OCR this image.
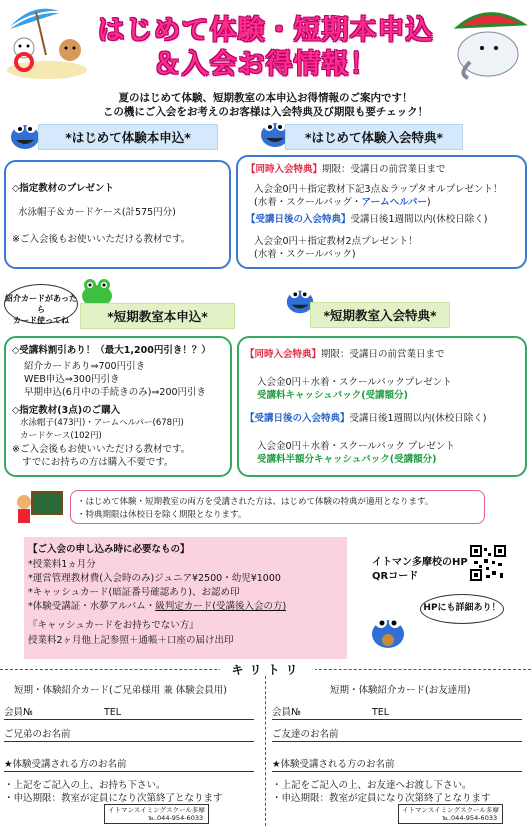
はじめて体験・短期本申込
＆入会お得情報！
夏のはじめて体験、短期教室の本申込お得情報のご案内です！
この機にご入会をお考えのお客様は入会特典及び期限も要チェック！
*はじめて体験本申込*
◇指定教材のプレゼント
水泳帽子＆カードケース(計575円分)
※ご入会後もお使いいただける教材です。
*はじめて体験入会特典*
【同時入会特典】期限：受講日の前営業日まで
入会金0円＋指定教材下記3点＆ラップタオルプレゼント！
(水着・スクールバッグ・アームヘルパー)
【受講日後の入会特典】受講日後1週間以内(休校日除く)
入会金0円＋指定教材2点プレゼント！
(水着・スクールバック)
紹介カードがあったら
カード使ってね	*短期教室本申込*
◇受講料割引あり！（最大1,200円引き！？）
紹介カードあり⇒700円引き
WEB申込⇒300円引き
早期申込(6月中の手続きのみ)⇒200円引き
◇指定教材(3点)のご購入
水泳帽子(473円)・アームヘルパー(678円)
カードケース(102円)
※ご入会後もお使いいただける教材です。
すでにお持ちの方は購入不要です。
*短期教室入会特典*
【同時入会特典】期限：受講日の前営業日まで
入会金0円＋水着・スクールバックプレゼント
受講料キャッシュバック(受講額分)
【受講日後の入会特典】受講日後1週間以内(休校日除く)
入会金0円＋水着・スクールバック プレゼント
受講料半額分キャッシュバック(受講額分)
・はじめて体験・短期教室の両方を受講された方は、はじめて体験の特典が適用となります。
・特典期限は休校日を除く期限となります。
【ご入会の申し込み時に必要なもの】
*授業料1ヵ月分
*運営管理教材費(入会時のみ)ジュニア¥2500・幼児¥1000
*キャッシュカード(暗証番号確認あり)、お認め印
*体験受講証・水夢アルバム・級判定カード(受講後入会の方)
『キャッシュカードをお持ちでない方』
授業料2ヶ月他上記参照＋通帳＋口座の届け出印
イトマン多摩校のHP
QRコード
HPにも詳細あり！
キリトリ
短期・体験紹介カード(ご兄弟様用 兼 体験会員用)
会員№	TEL
ご兄弟のお名前
★体験受講される方のお名前
・上記をご記入の上、お持ち下さい。
・申込期限：教室が定員になり次第終了となります
イトマンスイミングスクール多摩
℡.044-954-6033
短期・体験紹介カード(お友達用)
会員№	TEL
ご友達のお名前
★体験受講される方のお名前
・上記をご記入の上、お友達へお渡し下さい。
・申込期限：教室が定員になり次第終了となります
イトマンスイミングスクール多摩
℡.044-954-6033
